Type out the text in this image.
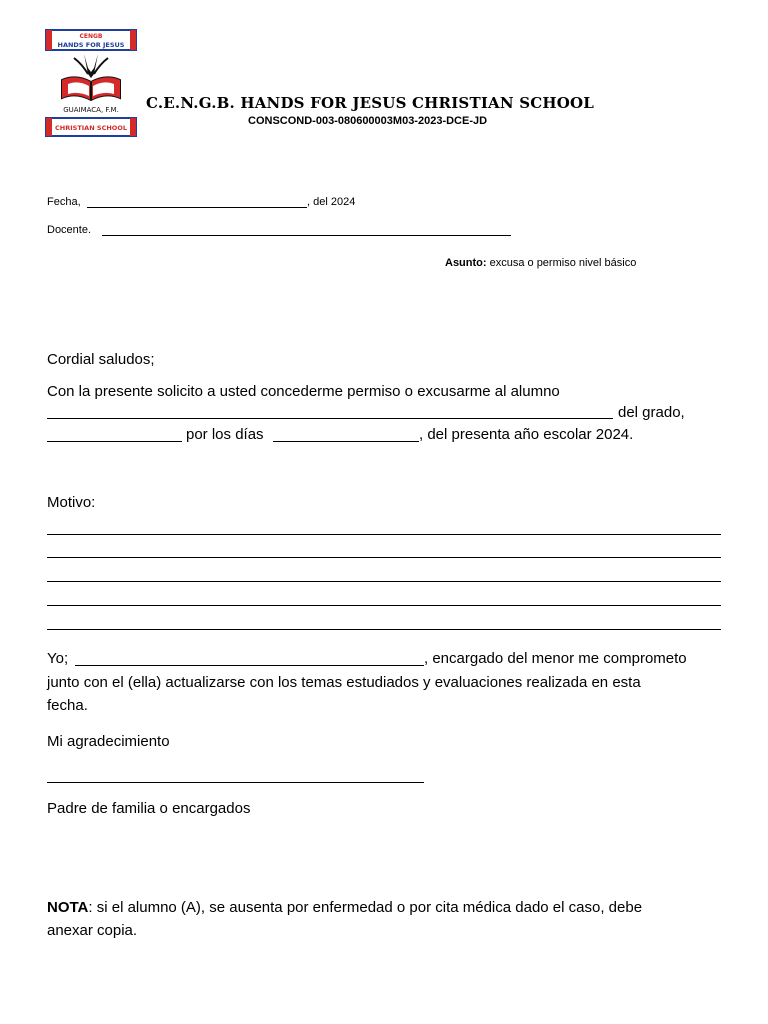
CENGB
HANDS FOR JESUS
GUAIMACA, F.M.
CHRISTIAN SCHOOL
C.E.N.G.B. HANDS FOR JESUS CHRISTIAN SCHOOL
CONSCOND-003-080600003M03-2023-DCE-JD
Fecha,	, del 2024
Docente.
Asunto: excusa o permiso nivel básico
Cordial saludos;
Con la presente solicito a usted concederme permiso o excusarme al alumno
del grado,
por los días	, del presenta año escolar 2024.
Motivo:
Yo;	, encargado del menor me comprometo
junto con el (ella) actualizarse con los temas estudiados y evaluaciones realizada en esta
fecha.
Mi agradecimiento
Padre de familia o encargados
NOTA: si el alumno (A), se ausenta por enfermedad o por cita médica dado el caso, debe
anexar copia.
